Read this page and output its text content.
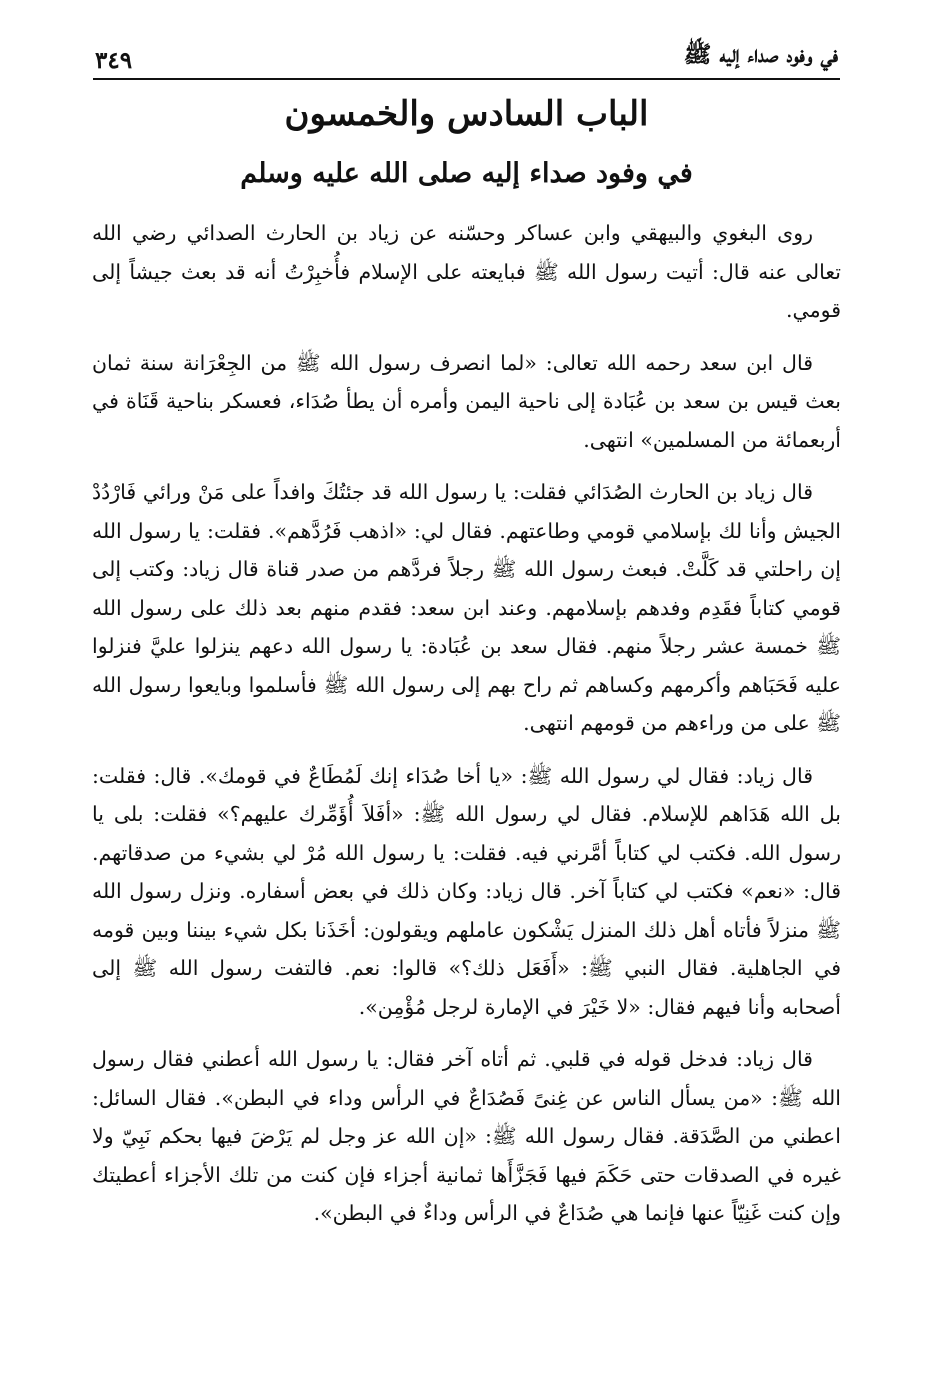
في وفود صداء إليه ﷺ
٣٤٩
الباب السادس والخمسون
في وفود صداء إليه صلى الله عليه وسلم

روى البغوي والبيهقي وابن عساكر وحسّنه عن زياد بن الحارث الصدائي رضي الله تعالى عنه قال: أتيت رسول الله ﷺ فبايعته على الإسلام فأُخبِرْتُ أنه قد بعث جيشاً إلى قومي.

قال ابن سعد رحمه الله تعالى: «لما انصرف رسول الله ﷺ من الجِعْرَانة سنة ثمان بعث قيس بن سعد بن عُبَادة إلى ناحية اليمن وأمره أن يطأ صُدَاء، فعسكر بناحية قَنَاة في أربعمائة من المسلمين» انتهى.

قال زياد بن الحارث الصُدَائي فقلت: يا رسول الله قد جئتُكَ وافداً على مَنْ ورائي فَارْدُدْ الجيش وأنا لك بإسلامي قومي وطاعتهم. فقال لي: «اذهب فَرُدَّهم». فقلت: يا رسول الله إن راحلتي قد كَلَّتْ. فبعث رسول الله ﷺ رجلاً فردَّهم من صدر قناة قال زياد: وكتب إلى قومي كتاباً فقَدِم وفدهم بإسلامهم. وعند ابن سعد: فقدم منهم بعد ذلك على رسول الله ﷺ خمسة عشر رجلاً منهم. فقال سعد بن عُبَادة: يا رسول الله دعهم ينزلوا عليَّ فنزلوا عليه فَحَبَاهم وأكرمهم وكساهم ثم راح بهم إلى رسول الله ﷺ فأسلموا وبايعوا رسول الله ﷺ على من وراءهم من قومهم انتهى.

قال زياد: فقال لي رسول الله ﷺ: «يا أخا صُدَاء إنك لَمُطَاعٌ في قومك». قال: فقلت: بل الله هَدَاهم للإسلام. فقال لي رسول الله ﷺ: «أفَلاَ أُؤَمِّرك عليهم؟» فقلت: بلى يا رسول الله. فكتب لي كتاباً أمَّرني فيه. فقلت: يا رسول الله مُرْ لي بشيء من صدقاتهم. قال: «نعم» فكتب لي كتاباً آخر. قال زياد: وكان ذلك في بعض أسفاره. ونزل رسول الله ﷺ منزلاً فأتاه أهل ذلك المنزل يَشْكون عاملهم ويقولون: أخَذَنا بكل شيء بيننا وبين قومه في الجاهلية. فقال النبي ﷺ: «أَفَعَل ذلك؟» قالوا: نعم. فالتفت رسول الله ﷺ إلى أصحابه وأنا فيهم فقال: «لا خَيْرَ في الإمارة لرجل مُؤْمِن».

قال زياد: فدخل قوله في قلبي. ثم أتاه آخر فقال: يا رسول الله أعطني فقال رسول الله ﷺ: «من يسأل الناس عن غِنىً فَصُدَاعٌ في الرأس وداء في البطن». فقال السائل: اعطني من الصَّدَقة. فقال رسول الله ﷺ: «إن الله عز وجل لم يَرْضَ فيها بحكم نَبِيّ ولا غيره في الصدقات حتى حَكَمَ فيها فَجَزَّأَها ثمانية أجزاء فإن كنت من تلك الأجزاء أعطيتك وإن كنت غَنِيّاً عنها فإنما هي صُدَاعٌ في الرأس وداءٌ في البطن».
